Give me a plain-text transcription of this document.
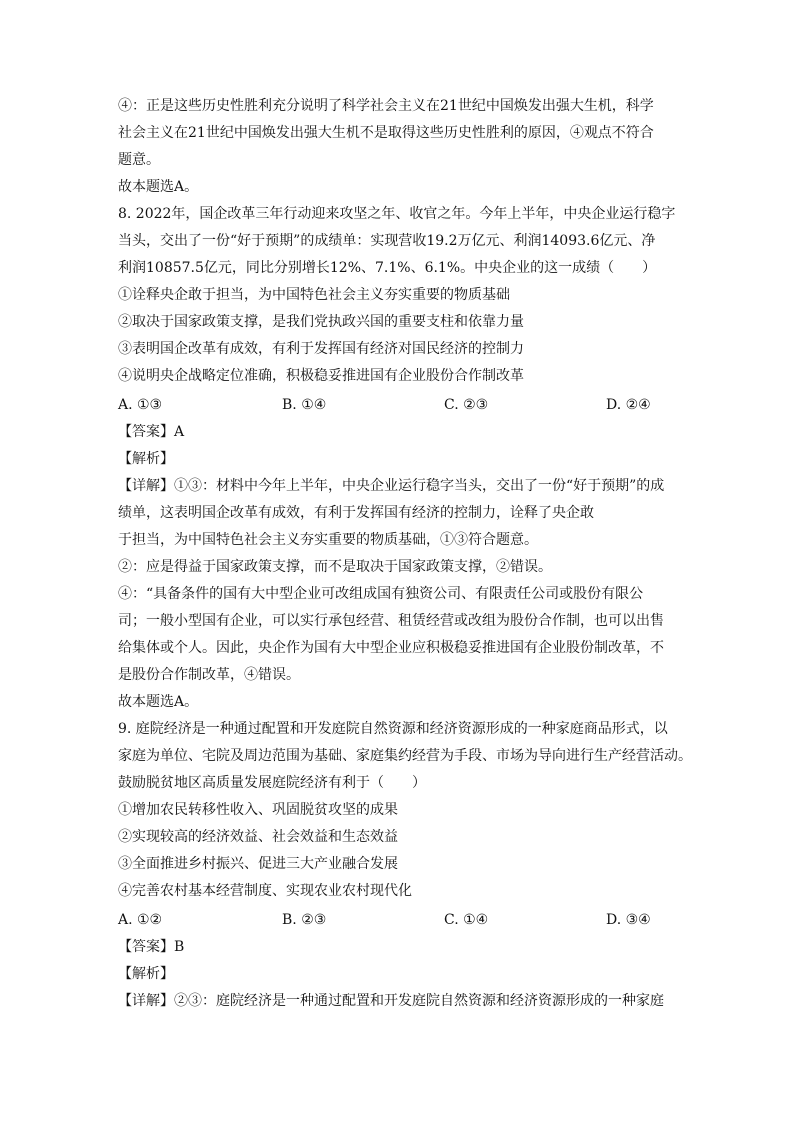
④：正是这些历史性胜利充分说明了科学社会主义在21世纪中国焕发出强大生机，科学
社会主义在21世纪中国焕发出强大生机不是取得这些历史性胜利的原因，④观点不符合
题意。
故本题选A。
8. 2022年，国企改革三年行动迎来攻坚之年、收官之年。今年上半年，中央企业运行稳字
当头，交出了一份“好于预期”的成绩单：实现营收19.2万亿元、利润14093.6亿元、净
利润10857.5亿元，同比分别增长12%、7.1%、6.1%。中央企业的这一成绩（　　）
①诠释央企敢于担当，为中国特色社会主义夯实重要的物质基础
②取决于国家政策支撑，是我们党执政兴国的重要支柱和依靠力量
③表明国企改革有成效，有利于发挥国有经济对国民经济的控制力
④说明央企战略定位准确，积极稳妥推进国有企业股份合作制改革
A. ①③	B. ①④	C. ②③	D. ②④
【答案】A
【解析】
【详解】①③：材料中今年上半年，中央企业运行稳字当头，交出了一份“好于预期”的成
绩单，这表明国企改革有成效，有利于发挥国有经济的控制力，诠释了央企敢
于担当，为中国特色社会主义夯实重要的物质基础，①③符合题意。
②：应是得益于国家政策支撑，而不是取决于国家政策支撑，②错误。
④：“具备条件的国有大中型企业可改组成国有独资公司、有限责任公司或股份有限公
司；一般小型国有企业，可以实行承包经营、租赁经营或改组为股份合作制，也可以出售
给集体或个人。因此，央企作为国有大中型企业应积极稳妥推进国有企业股份制改革，不
是股份合作制改革，④错误。
故本题选A。
9. 庭院经济是一种通过配置和开发庭院自然资源和经济资源形成的一种家庭商品形式，以
家庭为单位、宅院及周边范围为基础、家庭集约经营为手段、市场为导向进行生产经营活动。
鼓励脱贫地区高质量发展庭院经济有利于（　　）
①增加农民转移性收入、巩固脱贫攻坚的成果
②实现较高的经济效益、社会效益和生态效益
③全面推进乡村振兴、促进三大产业融合发展
④完善农村基本经营制度、实现农业农村现代化
A. ①②	B. ②③	C. ①④	D. ③④
【答案】B
【解析】
【详解】②③：庭院经济是一种通过配置和开发庭院自然资源和经济资源形成的一种家庭
